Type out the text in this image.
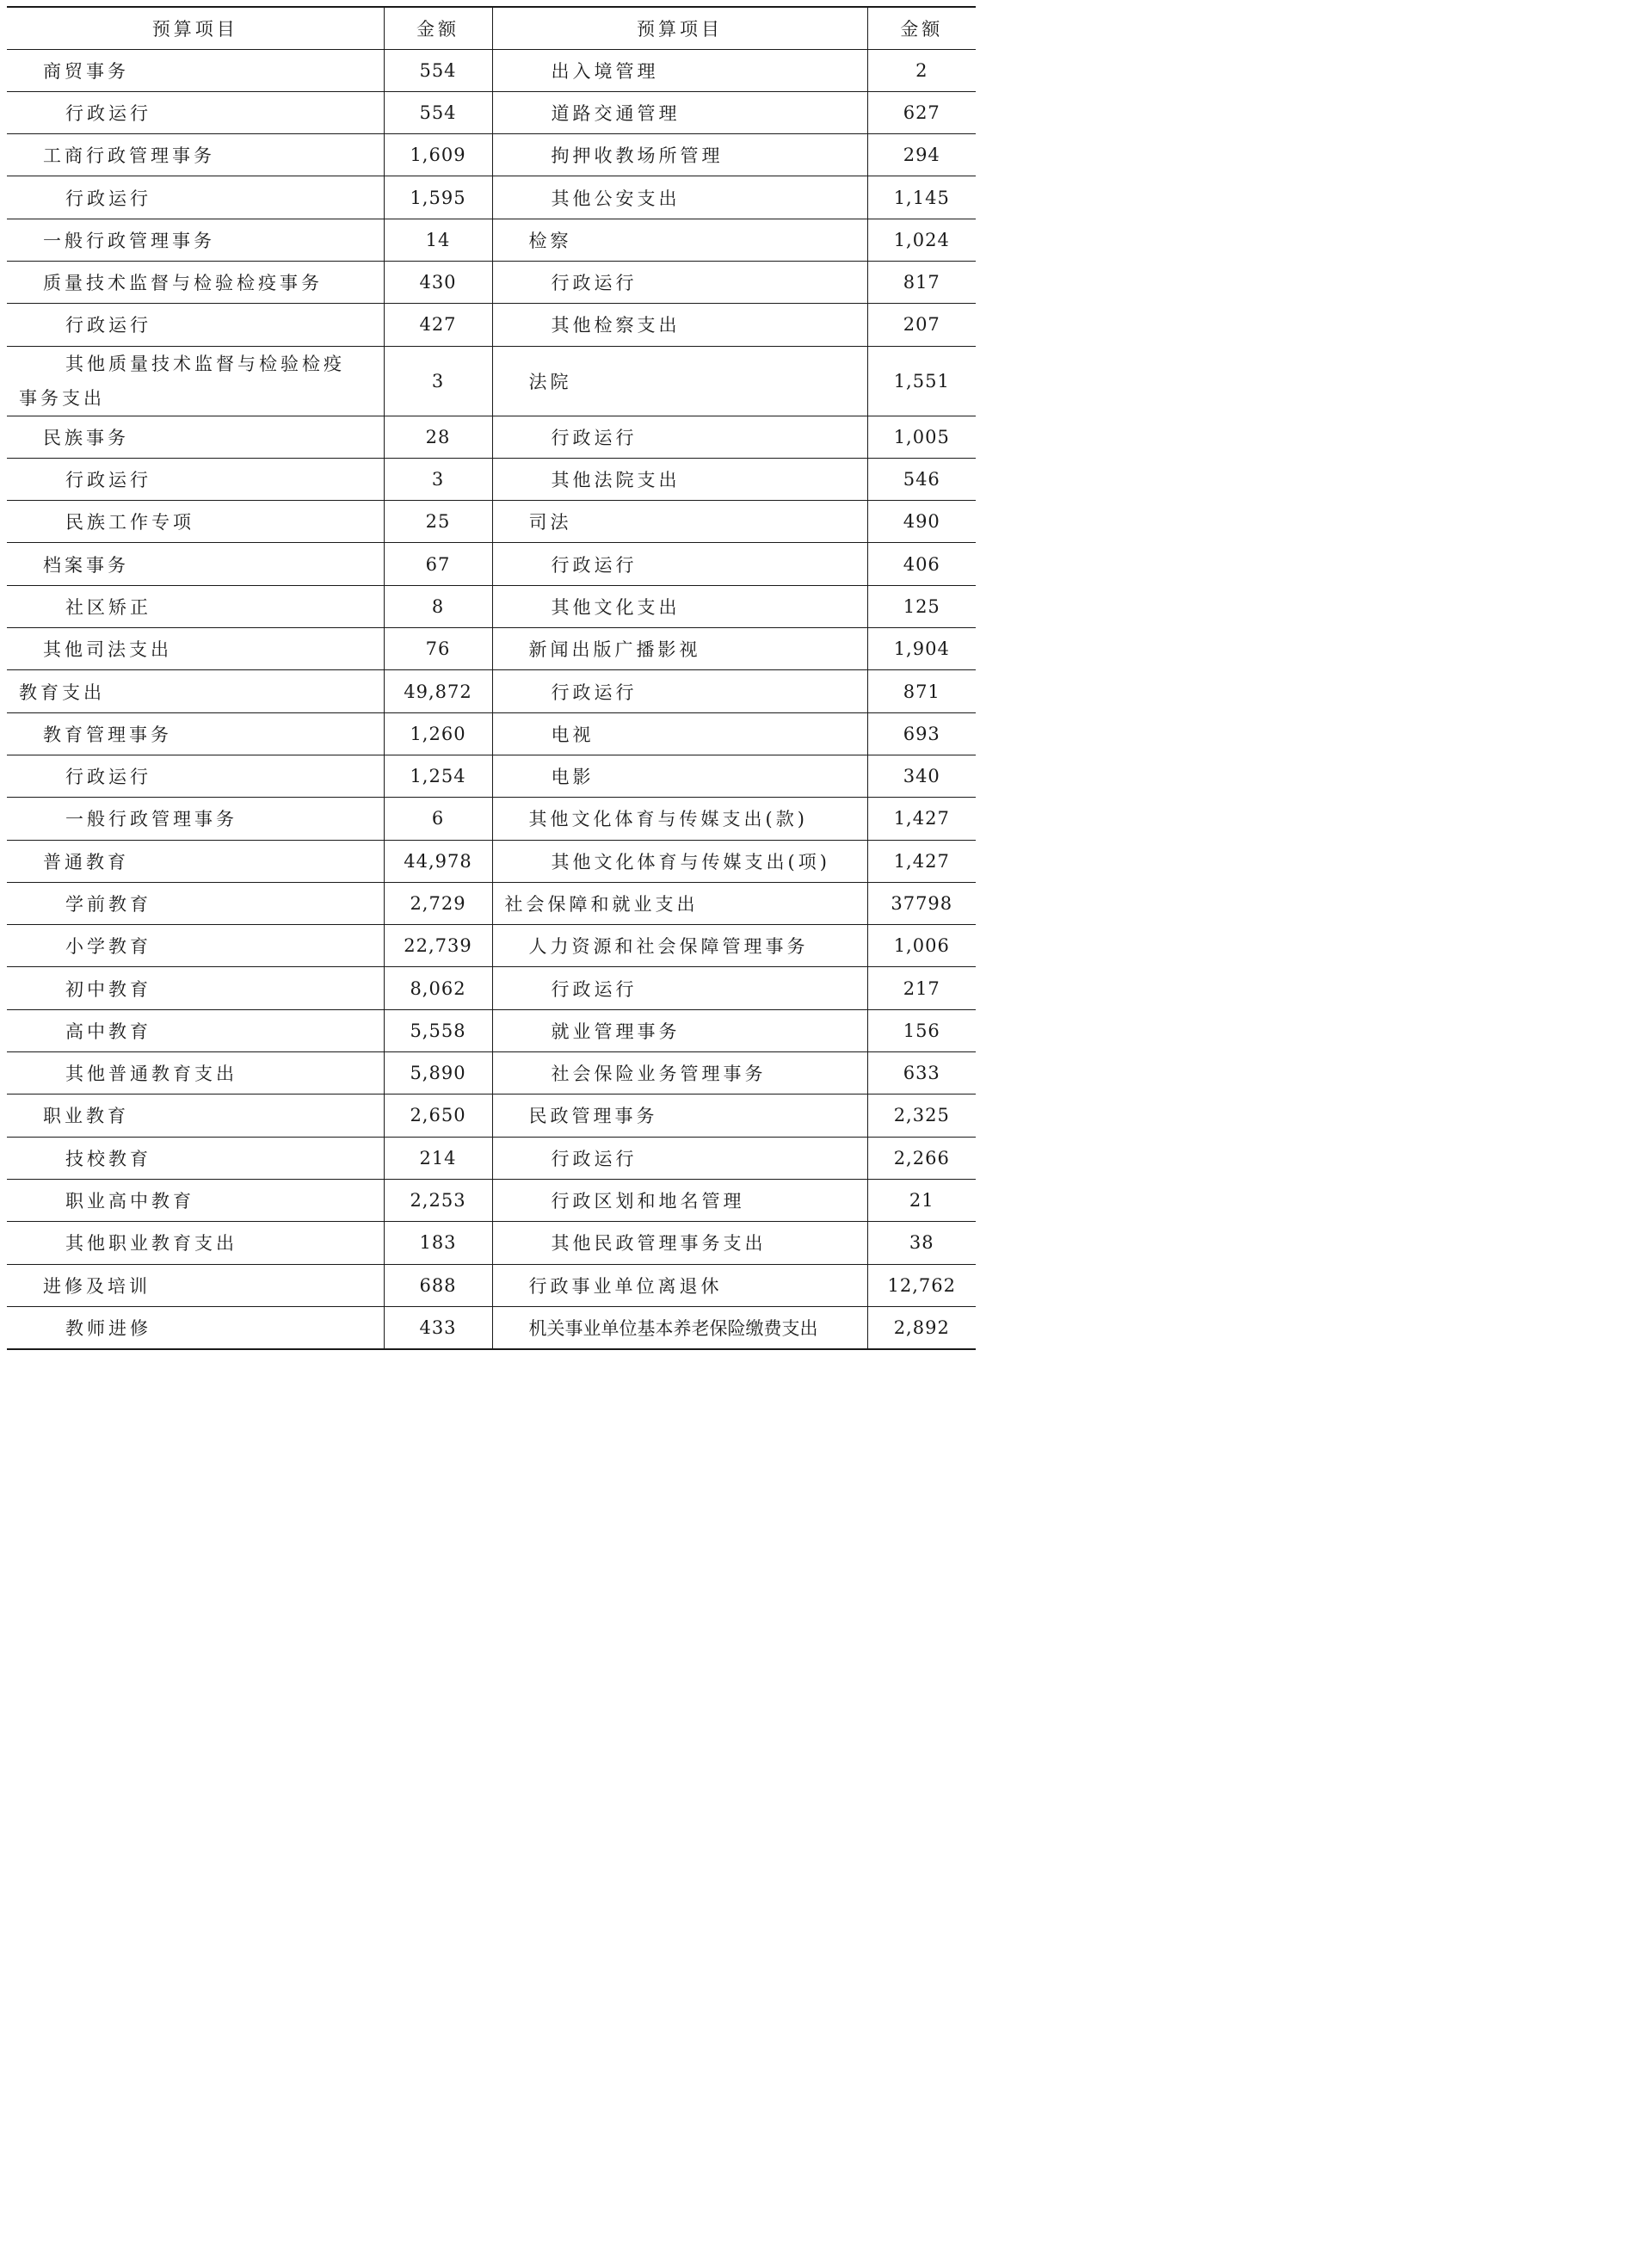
预算项目	金额	预算项目	金额
商贸事务	554	出入境管理	2
行政运行	554	道路交通管理	627
工商行政管理事务	1,609	拘押收教场所管理	294
行政运行	1,595	其他公安支出	1,145
一般行政管理事务	14	检察	1,024
质量技术监督与检验检疫事务	430	行政运行	817
行政运行	427	其他检察支出	207
其他质量技术监督与检验检疫
事务支出	3	法院	1,551
民族事务	28	行政运行	1,005
行政运行	3	其他法院支出	546
民族工作专项	25	司法	490
档案事务	67	行政运行	406
社区矫正	8	其他文化支出	125
其他司法支出	76	新闻出版广播影视	1,904
教育支出	49,872	行政运行	871
教育管理事务	1,260	电视	693
行政运行	1,254	电影	340
一般行政管理事务	6	其他文化体育与传媒支出(款)	1,427
普通教育	44,978	其他文化体育与传媒支出(项)	1,427
学前教育	2,729	社会保障和就业支出	37798
小学教育	22,739	人力资源和社会保障管理事务	1,006
初中教育	8,062	行政运行	217
高中教育	5,558	就业管理事务	156
其他普通教育支出	5,890	社会保险业务管理事务	633
职业教育	2,650	民政管理事务	2,325
技校教育	214	行政运行	2,266
职业高中教育	2,253	行政区划和地名管理	21
其他职业教育支出	183	其他民政管理事务支出	38
进修及培训	688	行政事业单位离退休	12,762
教师进修	433	机关事业单位基本养老保险缴费支出	2,892
